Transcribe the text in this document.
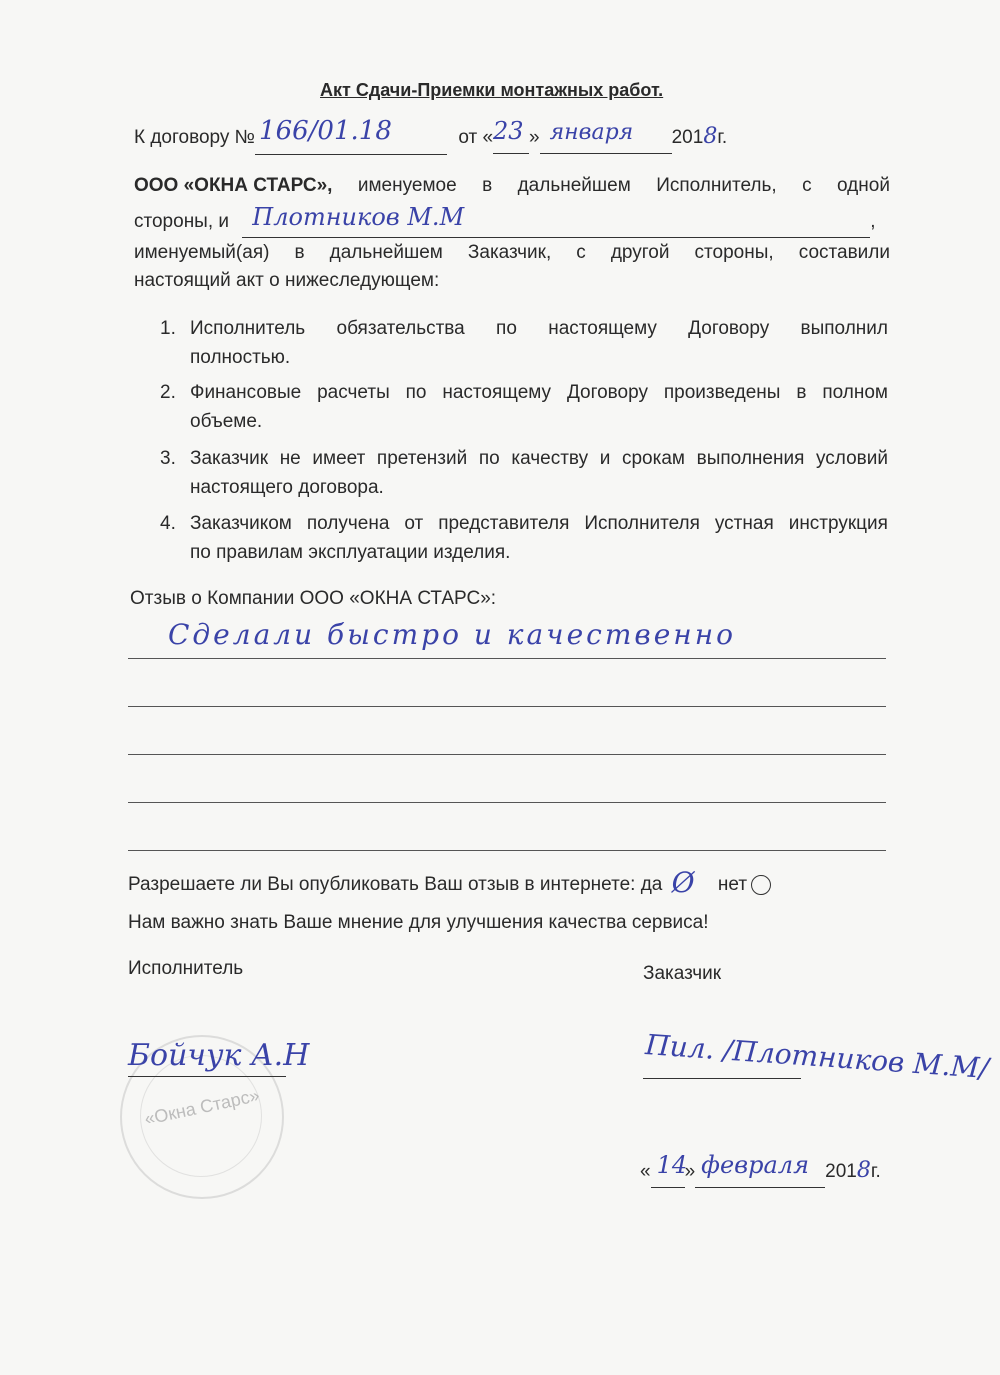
Акт Сдачи-Приемки монтажных работ.
К договору № 166/01.18	от «23 » января 2018г.
ООО «ОКНА СТАРС», именуемое в дальнейшем Исполнитель, с одной
стороны, и Плотников М.М	,
именуемый(ая) в дальнейшем Заказчик, с другой стороны, составили
настоящий акт о нижеследующем:
1. Исполнитель обязательства по настоящему Договору выполнил
полностью.
2. Финансовые расчеты по настоящему Договору произведены в полном
объеме.
3. Заказчик не имеет претензий по качеству и срокам выполнения условий
настоящего договора.
4. Заказчиком получена от представителя Исполнителя устная инструкция
по правилам эксплуатации изделия.
Отзыв о Компании ООО «ОКНА СТАРС»:
Сделали быстро и качественно
Разрешаете ли Вы опубликовать Ваш отзыв в интернете: да Ø нет
Нам важно знать Ваше мнение для улучшения качества сервиса!
Исполнитель	Заказчик
«Окна Старс»
Бойчук А.Н	Пил. /Плотников М.М/
« 14» февраля 2018г.
